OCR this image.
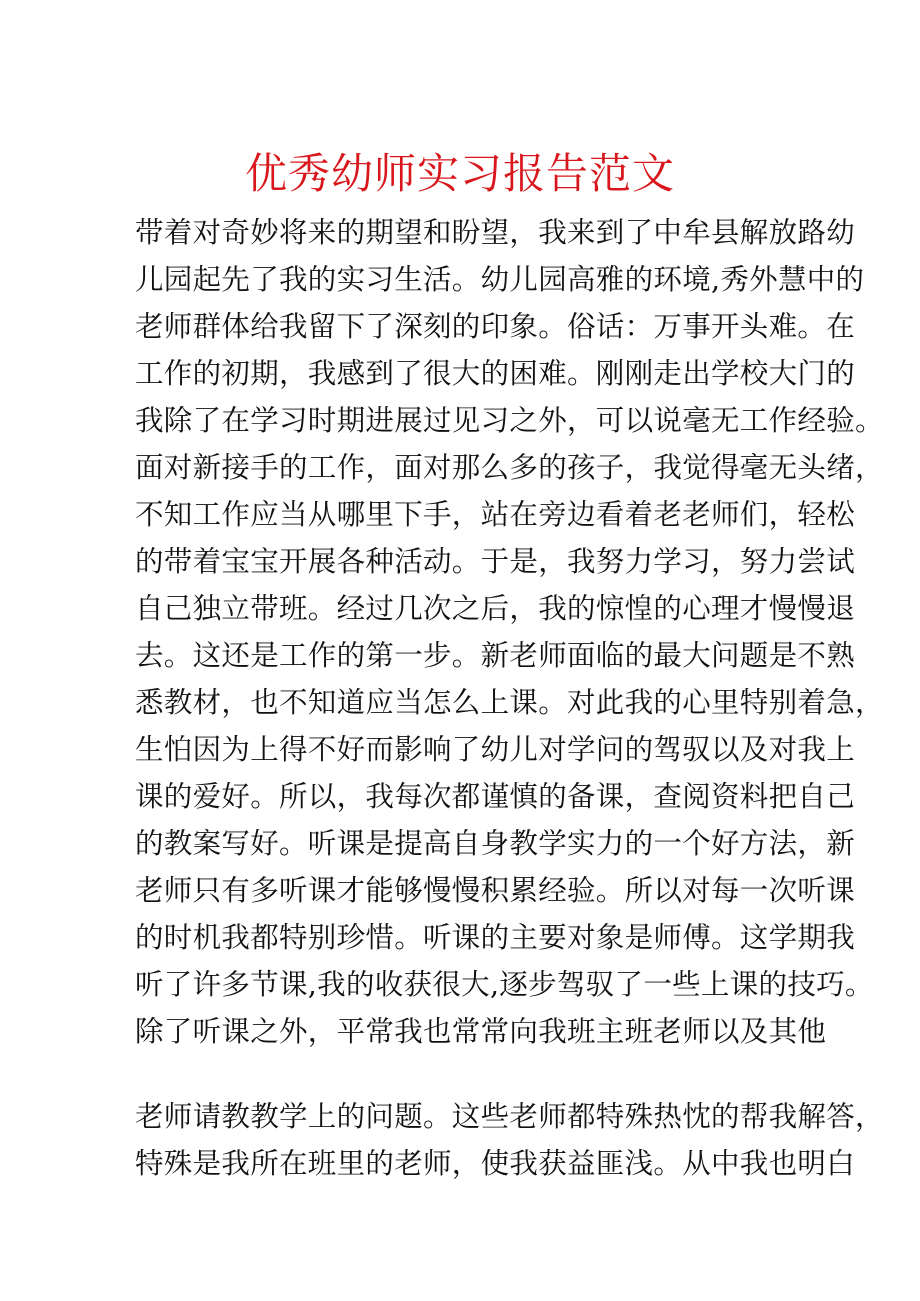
优秀幼师实习报告范文
带着对奇妙将来的期望和盼望，我来到了中牟县解放路幼
儿园起先了我的实习生活。幼儿园高雅的环境,秀外慧中的
老师群体给我留下了深刻的印象。俗话：万事开头难。在
工作的初期，我感到了很大的困难。刚刚走出学校大门的
我除了在学习时期进展过见习之外，可以说毫无工作经验。
面对新接手的工作，面对那么多的孩子，我觉得毫无头绪，
不知工作应当从哪里下手，站在旁边看着老老师们，轻松
的带着宝宝开展各种活动。于是，我努力学习，努力尝试
自己独立带班。经过几次之后，我的惊惶的心理才慢慢退
去。这还是工作的第一步。新老师面临的最大问题是不熟
悉教材，也不知道应当怎么上课。对此我的心里特别着急，
生怕因为上得不好而影响了幼儿对学问的驾驭以及对我上
课的爱好。所以，我每次都谨慎的备课，查阅资料把自己
的教案写好。听课是提高自身教学实力的一个好方法，新
老师只有多听课才能够慢慢积累经验。所以对每一次听课
的时机我都特别珍惜。听课的主要对象是师傅。这学期我
听了许多节课,我的收获很大,逐步驾驭了一些上课的技巧。
除了听课之外，平常我也常常向我班主班老师以及其他
老师请教教学上的问题。这些老师都特殊热忱的帮我解答，
特殊是我所在班里的老师，使我获益匪浅。从中我也明白
